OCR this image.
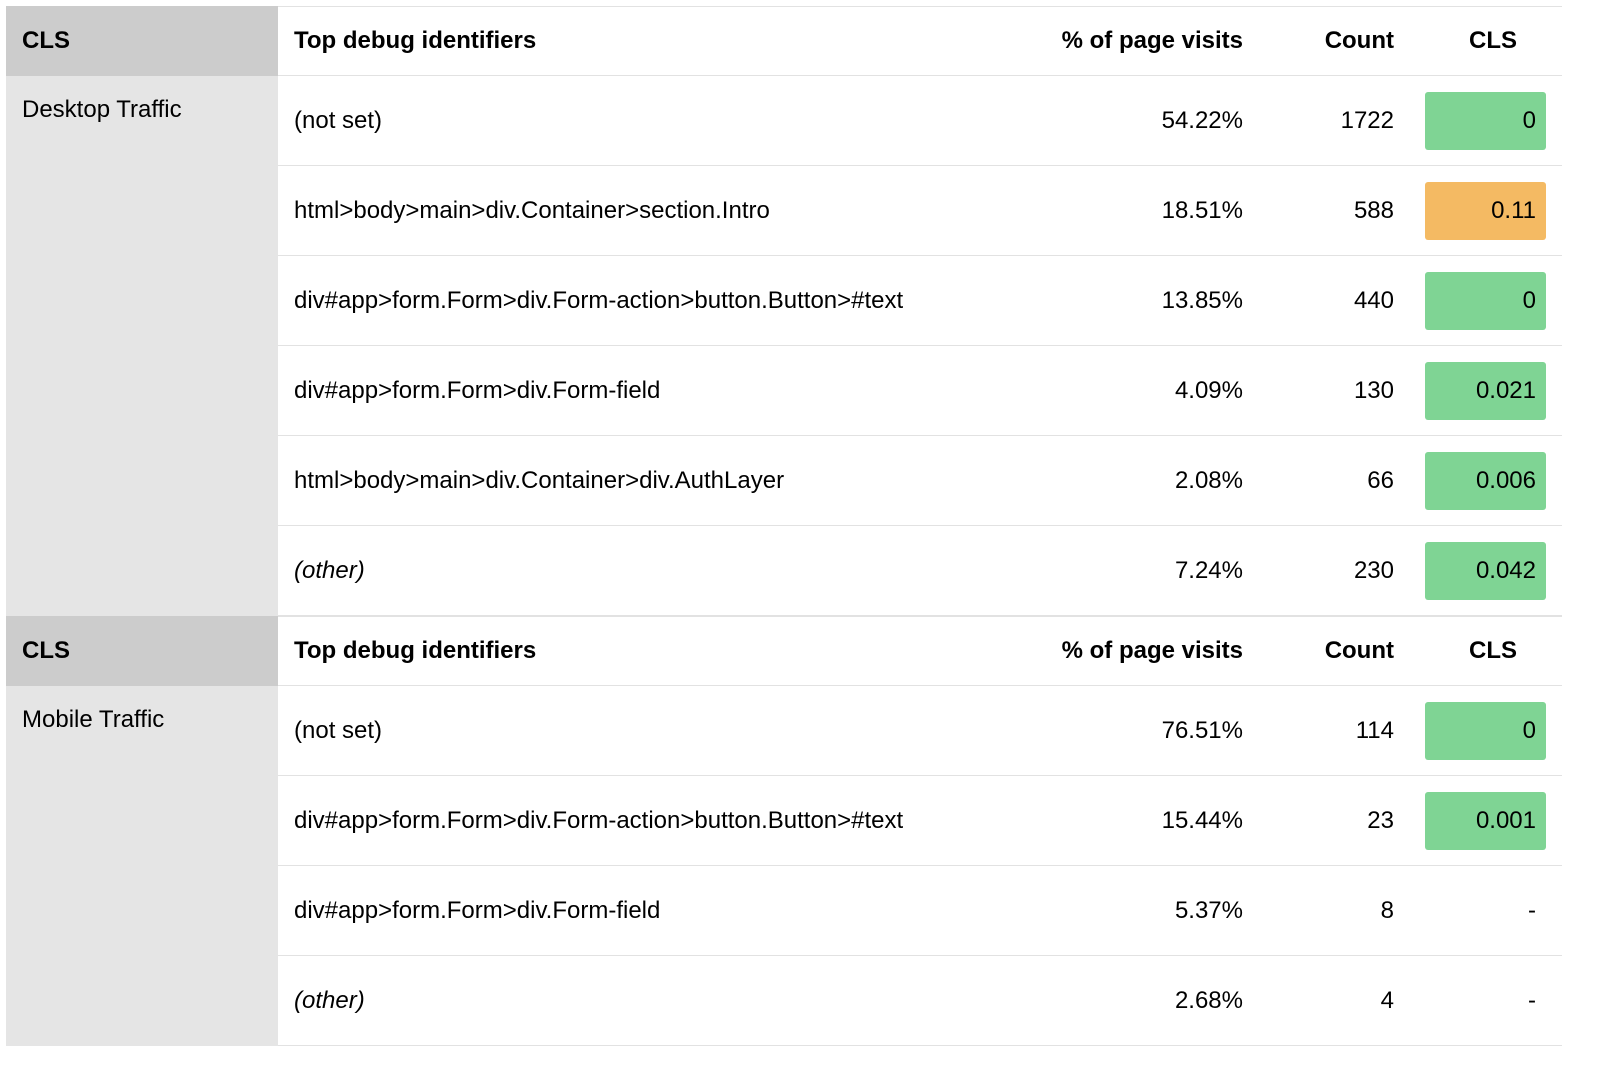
CLS
Desktop Traffic
Top debug identifiers	% of page visits	Count	CLS
(not set)	54.22%	1722	0
html>body>main>div.Container>section.Intro	18.51%	588	0.11
div#app>form.Form>div.Form-action>button.Button>#text	13.85%	440	0
div#app>form.Form>div.Form-field	4.09%	130	0.021
html>body>main>div.Container>div.AuthLayer	2.08%	66	0.006
(other)	7.24%	230	0.042
CLS
Mobile Traffic
Top debug identifiers	% of page visits	Count	CLS
(not set)	76.51%	114	0
div#app>form.Form>div.Form-action>button.Button>#text	15.44%	23	0.001
div#app>form.Form>div.Form-field	5.37%	8	-
(other)	2.68%	4	-
